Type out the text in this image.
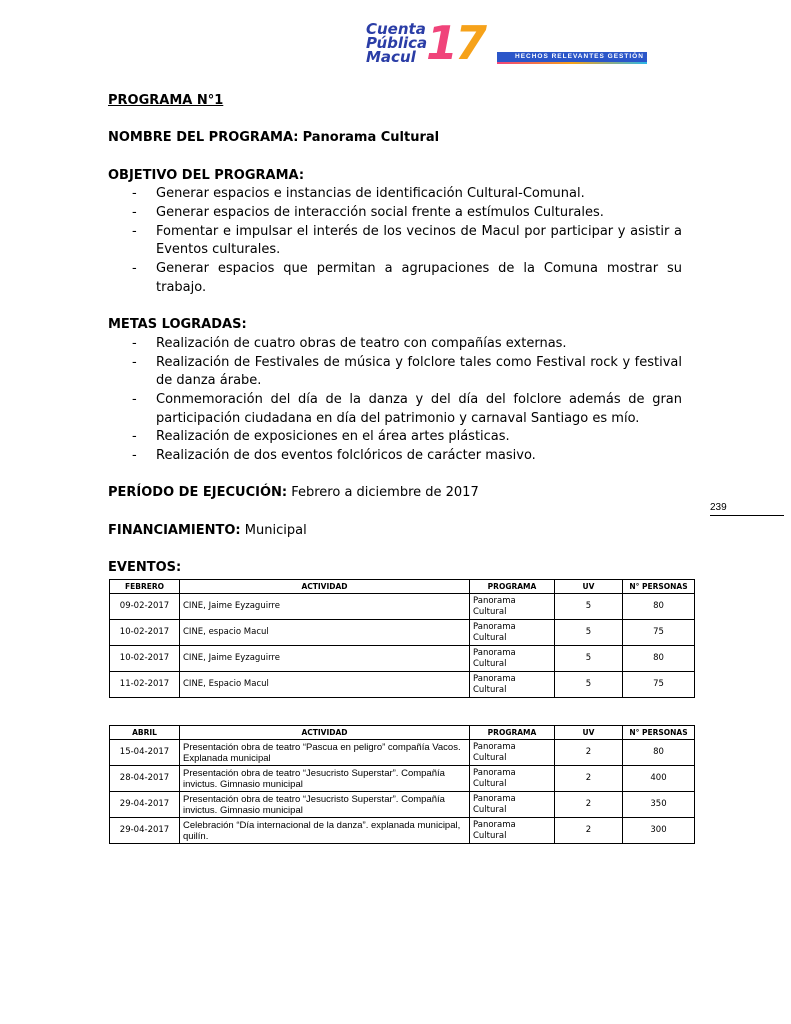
Cuenta
Pública
Macul 17	HECHOS RELEVANTES GESTIÓN 2017

PROGRAMA N°1

NOMBRE DEL PROGRAMA: Panorama Cultural
OBJETIVO DEL PROGRAMA:
- Generar espacios e instancias de identificación Cultural-Comunal.
- Generar espacios de interacción social frente a estímulos Culturales.
- Fomentar e impulsar el interés de los vecinos de Macul por participar y asistir a Eventos culturales.
- Generar espacios que permitan a agrupaciones de la Comuna mostrar su trabajo.
METAS LOGRADAS:
- Realización de cuatro obras de teatro con compañías externas.
- Realización de Festivales de música y folclore tales como Festival rock y festival de danza árabe.
- Conmemoración del día de la danza y del día del folclore además de gran participación ciudadana en día del patrimonio y carnaval Santiago es mío.
- Realización de exposiciones en el área artes plásticas.
- Realización de dos eventos folclóricos de carácter masivo.
PERÍODO DE EJECUCIÓN: Febrero a diciembre de 2017
FINANCIAMIENTO: Municipal
EVENTOS:
239
FEBRERO	ACTIVIDAD	PROGRAMA	UV	N° PERSONAS
09-02-2017	CINE, Jaime Eyzaguirre	Panorama Cultural	5	80
10-02-2017	CINE, espacio Macul	Panorama Cultural	5	75
10-02-2017	CINE, Jaime Eyzaguirre	Panorama Cultural	5	80
11-02-2017	CINE, Espacio Macul	Panorama Cultural	5	75
ABRIL	ACTIVIDAD	PROGRAMA	UV	N° PERSONAS
15-04-2017	Presentación obra de teatro “Pascua en peligro” compañía Vacos. Explanada municipal	Panorama Cultural	2	80
28-04-2017	Presentación obra de teatro “Jesucristo Superstar”. Compañía invictus. Gimnasio municipal	Panorama Cultural	2	400
29-04-2017	Presentación obra de teatro “Jesucristo Superstar”. Compañía invictus. Gimnasio municipal	Panorama Cultural	2	350
29-04-2017	Celebración “Día internacional de la danza”. explanada municipal, quilín.	Panorama Cultural	2	300
